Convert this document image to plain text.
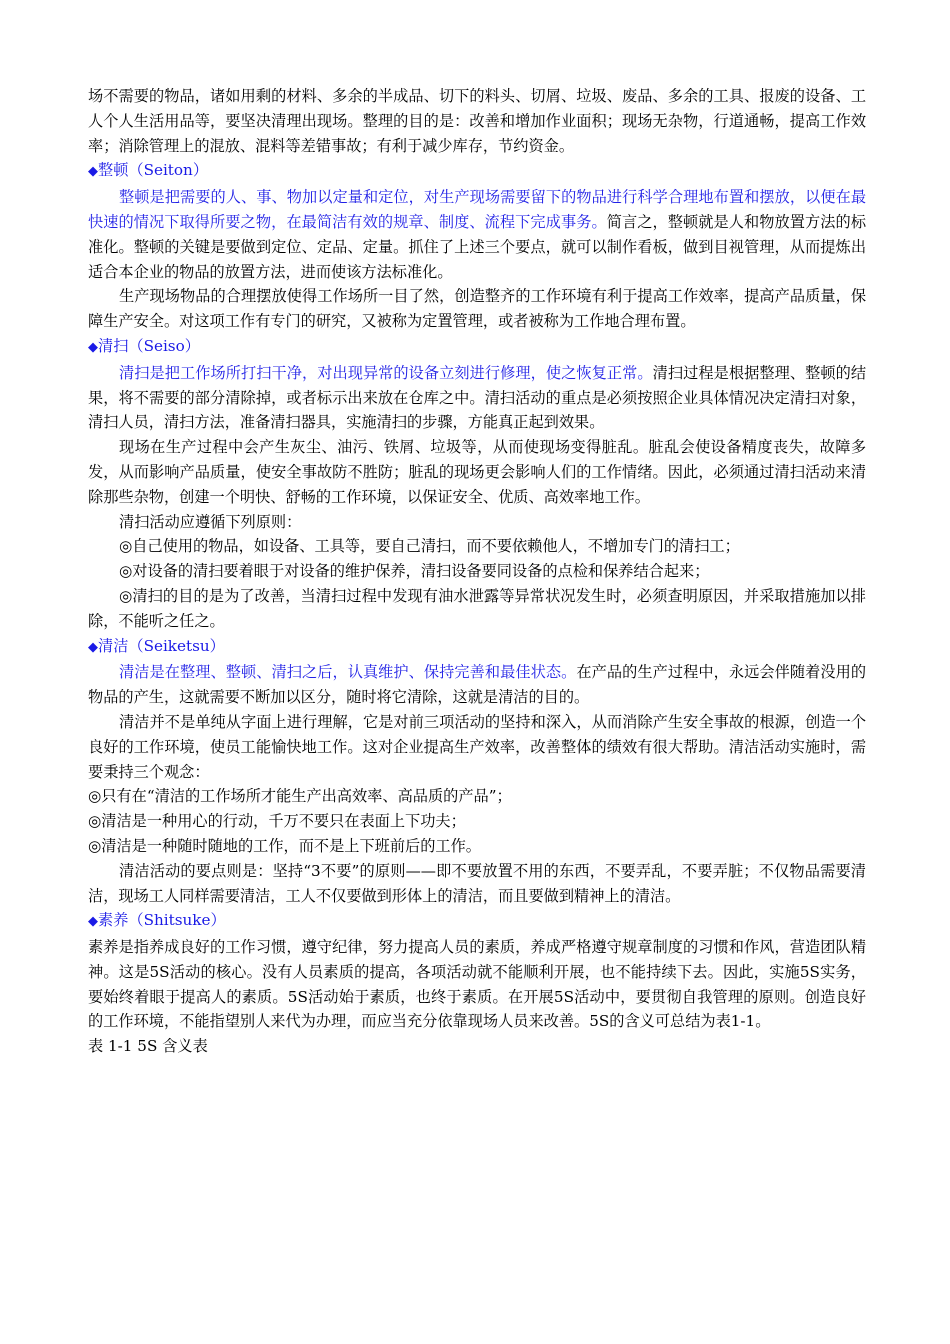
场不需要的物品，诸如用剩的材料、多余的半成品、切下的料头、切屑、垃圾、废品、多余的工具、报废的设备、工人个人生活用品等，要坚决清理出现场。整理的目的是：改善和增加作业面积；现场无杂物，行道通畅，提高工作效率；消除管理上的混放、混料等差错事故；有利于减少库存，节约资金。

◆整顿（Seiton）

整顿是把需要的人、事、物加以定量和定位，对生产现场需要留下的物品进行科学合理地布置和摆放，以便在最快速的情况下取得所要之物，在最简洁有效的规章、制度、流程下完成事务。简言之，整顿就是人和物放置方法的标准化。整顿的关键是要做到定位、定品、定量。抓住了上述三个要点，就可以制作看板，做到目视管理，从而提炼出适合本企业的物品的放置方法，进而使该方法标准化。

生产现场物品的合理摆放使得工作场所一目了然，创造整齐的工作环境有利于提高工作效率，提高产品质量，保障生产安全。对这项工作有专门的研究，又被称为定置管理，或者被称为工作地合理布置。

◆清扫（Seiso）

清扫是把工作场所打扫干净，对出现异常的设备立刻进行修理，使之恢复正常。清扫过程是根据整理、整顿的结果，将不需要的部分清除掉，或者标示出来放在仓库之中。清扫活动的重点是必须按照企业具体情况决定清扫对象，清扫人员，清扫方法，准备清扫器具，实施清扫的步骤，方能真正起到效果。

现场在生产过程中会产生灰尘、油污、铁屑、垃圾等，从而使现场变得脏乱。脏乱会使设备精度丧失，故障多发，从而影响产品质量，使安全事故防不胜防；脏乱的现场更会影响人们的工作情绪。因此，必须通过清扫活动来清除那些杂物，创建一个明快、舒畅的工作环境，以保证安全、优质、高效率地工作。

清扫活动应遵循下列原则：

◎自己使用的物品，如设备、工具等，要自己清扫，而不要依赖他人，不增加专门的清扫工；

◎对设备的清扫要着眼于对设备的维护保养，清扫设备要同设备的点检和保养结合起来；

◎清扫的目的是为了改善，当清扫过程中发现有油水泄露等异常状况发生时，必须查明原因，并采取措施加以排除，不能听之任之。

◆清洁（Seiketsu）

清洁是在整理、整顿、清扫之后，认真维护、保持完善和最佳状态。在产品的生产过程中，永远会伴随着没用的物品的产生，这就需要不断加以区分，随时将它清除，这就是清洁的目的。

清洁并不是单纯从字面上进行理解，它是对前三项活动的坚持和深入，从而消除产生安全事故的根源，创造一个良好的工作环境，使员工能愉快地工作。这对企业提高生产效率，改善整体的绩效有很大帮助。清洁活动实施时，需要秉持三个观念：

◎只有在“清洁的工作场所才能生产出高效率、高品质的产品”；

◎清洁是一种用心的行动，千万不要只在表面上下功夫；

◎清洁是一种随时随地的工作，而不是上下班前后的工作。

清洁活动的要点则是：坚持“3不要”的原则——即不要放置不用的东西，不要弄乱，不要弄脏；不仅物品需要清洁，现场工人同样需要清洁，工人不仅要做到形体上的清洁，而且要做到精神上的清洁。

◆素养（Shitsuke）

素养是指养成良好的工作习惯，遵守纪律，努力提高人员的素质，养成严格遵守规章制度的习惯和作风，营造团队精神。这是5S活动的核心。没有人员素质的提高，各项活动就不能顺利开展，也不能持续下去。因此，实施5S实务，要始终着眼于提高人的素质。5S活动始于素质，也终于素质。在开展5S活动中，要贯彻自我管理的原则。创造良好的工作环境，不能指望别人来代为办理，而应当充分依靠现场人员来改善。5S的含义可总结为表1-1。

表 1-1 5S 含义表
